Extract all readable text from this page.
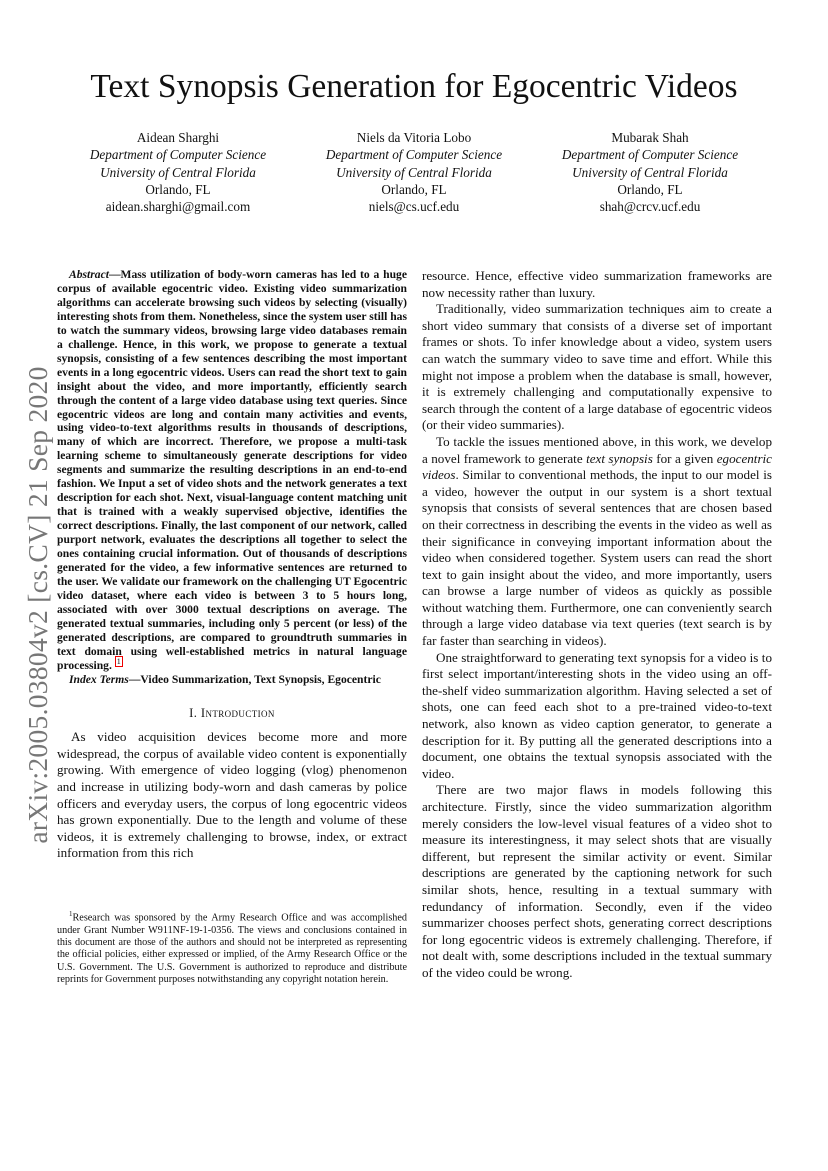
arXiv:2005.03804v2 [cs.CV] 21 Sep 2020
Text Synopsis Generation for Egocentric Videos
Aidean Sharghi
Department of Computer Science
University of Central Florida
Orlando, FL
aidean.sharghi@gmail.com
Niels da Vitoria Lobo
Department of Computer Science
University of Central Florida
Orlando, FL
niels@cs.ucf.edu
Mubarak Shah
Department of Computer Science
University of Central Florida
Orlando, FL
shah@crcv.ucf.edu

Abstract—Mass utilization of body-worn cameras has led to a huge corpus of available egocentric video. Existing video summarization algorithms can accelerate browsing such videos by selecting (visually) interesting shots from them. Nonetheless, since the system user still has to watch the summary videos, browsing large video databases remain a challenge. Hence, in this work, we propose to generate a textual synopsis, consisting of a few sentences describing the most important events in a long egocentric videos. Users can read the short text to gain insight about the video, and more importantly, efficiently search through the content of a large video database using text queries. Since egocentric videos are long and contain many activities and events, using video-to-text algorithms results in thousands of descriptions, many of which are incorrect. Therefore, we propose a multi-task learning scheme to simultaneously generate descriptions for video segments and summarize the resulting descriptions in an end-to-end fashion. We Input a set of video shots and the network generates a text description for each shot. Next, visual-language content matching unit that is trained with a weakly supervised objective, identifies the correct descriptions. Finally, the last component of our network, called purport network, evaluates the descriptions all together to select the ones containing crucial information. Out of thousands of descriptions generated for the video, a few informative sentences are returned to the user. We validate our framework on the challenging UT Egocentric video dataset, where each video is between 3 to 5 hours long, associated with over 3000 textual descriptions on average. The generated textual summaries, including only 5 percent (or less) of the generated descriptions, are compared to groundtruth summaries in text domain using well-established metrics in natural language processing. $^1$

Index Terms—Video Summarization, Text Synopsis, Egocentric

I. Introduction

As video acquisition devices become more and more widespread, the corpus of available video content is exponentially growing. With emergence of video logging (vlog) phenomenon and increase in utilizing body-worn and dash cameras by police officers and everyday users, the corpus of long egocentric videos has grown exponentially. Due to the length and volume of these videos, it is extremely challenging to browse, index, or extract information from this rich

$^1$Research was sponsored by the Army Research Office and was accomplished under Grant Number W911NF-19-1-0356. The views and conclusions contained in this document are those of the authors and should not be interpreted as representing the official policies, either expressed or implied, of the Army Research Office or the U.S. Government. The U.S. Government is authorized to reproduce and distribute reprints for Government purposes notwithstanding any copyright notation herein.

resource. Hence, effective video summarization frameworks are now necessity rather than luxury.

Traditionally, video summarization techniques aim to create a short video summary that consists of a diverse set of important frames or shots. To infer knowledge about a video, system users can watch the summary video to save time and effort. While this might not impose a problem when the database is small, however, it is extremely challenging and computationally expensive to search through the content of a large database of egocentric videos (or their video summaries).

To tackle the issues mentioned above, in this work, we develop a novel framework to generate text synopsis for a given egocentric videos. Similar to conventional methods, the input to our model is a video, however the output in our system is a short textual synopsis that consists of several sentences that are chosen based on their correctness in describing the events in the video as well as their significance in conveying important information about the video when considered together. System users can read the short text to gain insight about the video, and more importantly, users can browse a large number of videos as quickly as possible without watching them. Furthermore, one can conveniently search through a large video database via text queries (text search is by far faster than searching in videos).

One straightforward to generating text synopsis for a video is to first select important/interesting shots in the video using an off-the-shelf video summarization algorithm. Having selected a set of shots, one can feed each shot to a pre-trained video-to-text network, also known as video caption generator, to generate a description for it. By putting all the generated descriptions into a document, one obtains the textual synopsis associated with the video.

There are two major flaws in models following this architecture. Firstly, since the video summarization algorithm merely considers the low-level visual features of a video shot to measure its interestingness, it may select shots that are visually different, but represent the similar activity or event. Similar descriptions are generated by the captioning network for such similar shots, hence, resulting in a textual summary with redundancy of information. Secondly, even if the video summarizer chooses perfect shots, generating correct descriptions for long egocentric videos is extremely challenging. Therefore, if not dealt with, some descriptions included in the textual summary of the video could be wrong.
